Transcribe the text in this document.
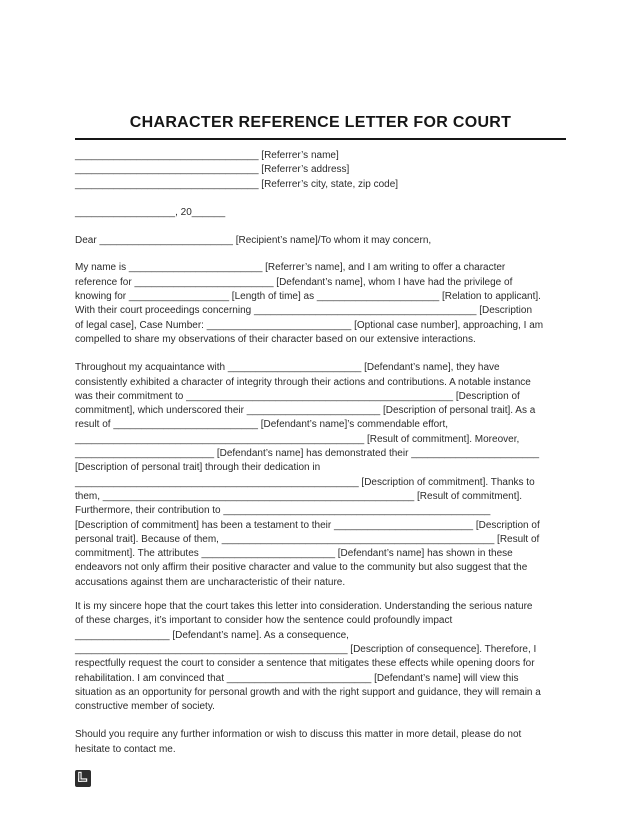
CHARACTER REFERENCE LETTER FOR COURT
_________________________________ [Referrer’s name]
_________________________________ [Referrer’s address]
_________________________________ [Referrer’s city, state, zip code]
__________________, 20______
Dear ________________________ [Recipient’s name]/To whom it may concern,
My name is ________________________ [Referrer’s name], and I am writing to offer a character
reference for _________________________ [Defendant’s name], whom I have had the privilege of
knowing for __________________ [Length of time] as ______________________ [Relation to applicant].
With their court proceedings concerning ________________________________________ [Description
of legal case], Case Number: __________________________ [Optional case number], approaching, I am
compelled to share my observations of their character based on our extensive interactions.
Throughout my acquaintance with ________________________ [Defendant’s name], they have
consistently exhibited a character of integrity through their actions and contributions. A notable instance
was their commitment to ________________________________________________ [Description of
commitment], which underscored their ________________________ [Description of personal trait]. As a
result of __________________________ [Defendant’s name]’s commendable effort,
____________________________________________________ [Result of commitment]. Moreover,
_________________________ [Defendant’s name] has demonstrated their _______________________
[Description of personal trait] through their dedication in
___________________________________________________ [Description of commitment]. Thanks to
them, ________________________________________________________ [Result of commitment].
Furthermore, their contribution to ________________________________________________
[Description of commitment] has been a testament to their _________________________ [Description of
personal trait]. Because of them, _________________________________________________ [Result of
commitment]. The attributes ________________________ [Defendant’s name] has shown in these
endeavors not only affirm their positive character and value to the community but also suggest that the
accusations against them are uncharacteristic of their nature.
It is my sincere hope that the court takes this letter into consideration. Understanding the serious nature
of these charges, it’s important to consider how the sentence could profoundly impact
_________________ [Defendant’s name]. As a consequence,
_________________________________________________ [Description of consequence]. Therefore, I
respectfully request the court to consider a sentence that mitigates these effects while opening doors for
rehabilitation. I am convinced that __________________________ [Defendant’s name] will view this
situation as an opportunity for personal growth and with the right support and guidance, they will remain a
constructive member of society.
Should you require any further information or wish to discuss this matter in more detail, please do not
hesitate to contact me.
